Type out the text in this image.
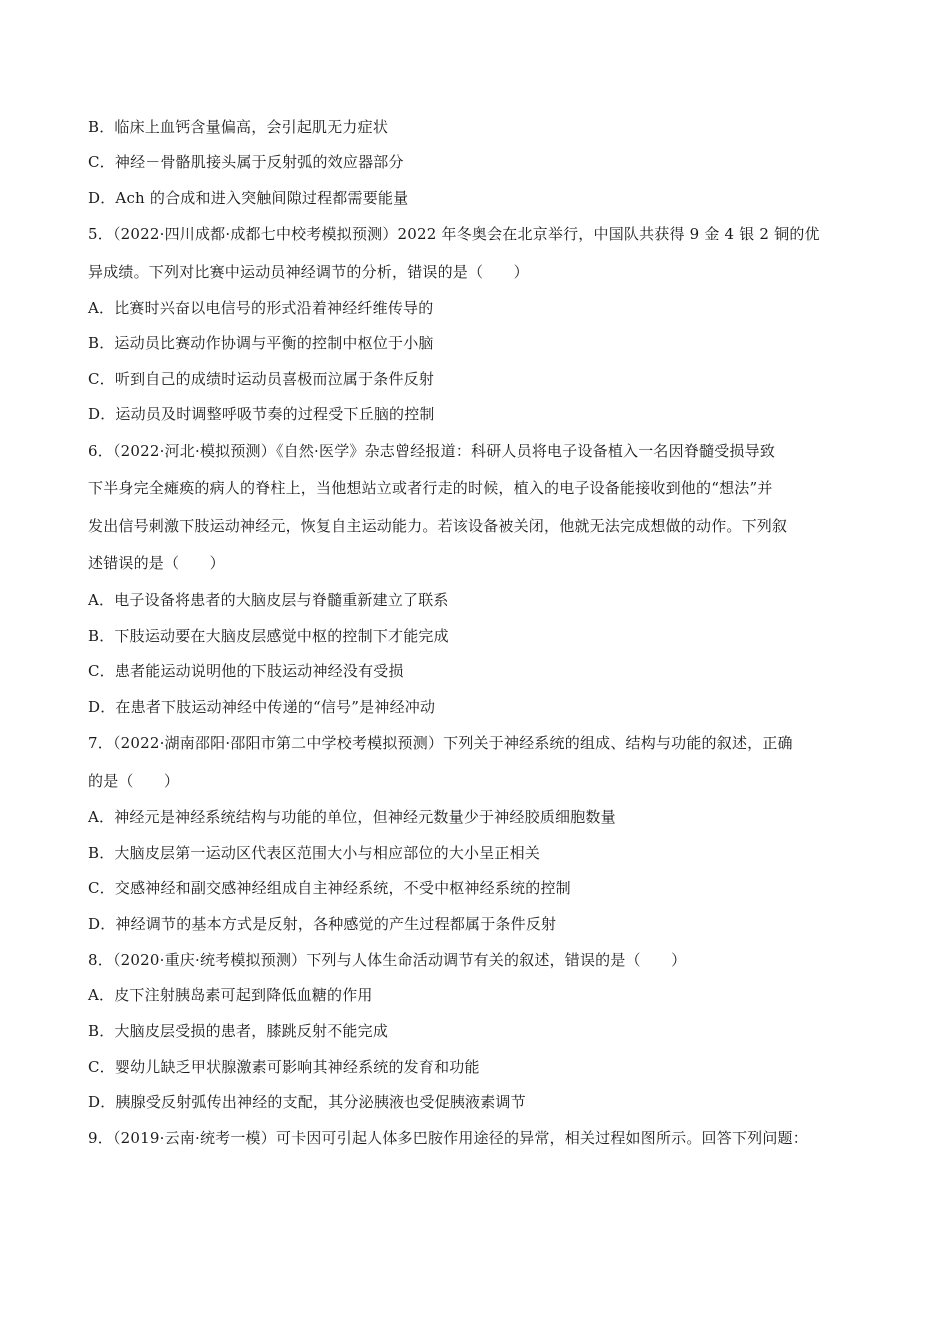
B．临床上血钙含量偏高，会引起肌无力症状
C．神经－骨骼肌接头属于反射弧的效应器部分
D．Ach 的合成和进入突触间隙过程都需要能量
5．（2022·四川成都·成都七中校考模拟预测）2022 年冬奥会在北京举行，中国队共获得 9 金 4 银 2 铜的优
异成绩。下列对比赛中运动员神经调节的分析，错误的是（　　）
A．比赛时兴奋以电信号的形式沿着神经纤维传导的
B．运动员比赛动作协调与平衡的控制中枢位于小脑
C．听到自己的成绩时运动员喜极而泣属于条件反射
D．运动员及时调整呼吸节奏的过程受下丘脑的控制
6．（2022·河北·模拟预测）《自然·医学》杂志曾经报道：科研人员将电子设备植入一名因脊髓受损导致
下半身完全瘫痪的病人的脊柱上，当他想站立或者行走的时候，植入的电子设备能接收到他的“想法”并
发出信号刺激下肢运动神经元，恢复自主运动能力。若该设备被关闭，他就无法完成想做的动作。下列叙
述错误的是（　　）
A．电子设备将患者的大脑皮层与脊髓重新建立了联系
B．下肢运动要在大脑皮层感觉中枢的控制下才能完成
C．患者能运动说明他的下肢运动神经没有受损
D．在患者下肢运动神经中传递的“信号”是神经冲动
7．（2022·湖南邵阳·邵阳市第二中学校考模拟预测）下列关于神经系统的组成、结构与功能的叙述，正确
的是（　　）
A．神经元是神经系统结构与功能的单位，但神经元数量少于神经胶质细胞数量
B．大脑皮层第一运动区代表区范围大小与相应部位的大小呈正相关
C．交感神经和副交感神经组成自主神经系统，不受中枢神经系统的控制
D．神经调节的基本方式是反射，各种感觉的产生过程都属于条件反射
8．（2020·重庆·统考模拟预测）下列与人体生命活动调节有关的叙述，错误的是（　　）
A．皮下注射胰岛素可起到降低血糖的作用
B．大脑皮层受损的患者，膝跳反射不能完成
C．婴幼儿缺乏甲状腺激素可影响其神经系统的发育和功能
D．胰腺受反射弧传出神经的支配，其分泌胰液也受促胰液素调节
9．（2019·云南·统考一模）可卡因可引起人体多巴胺作用途径的异常，相关过程如图所示。回答下列问题：
